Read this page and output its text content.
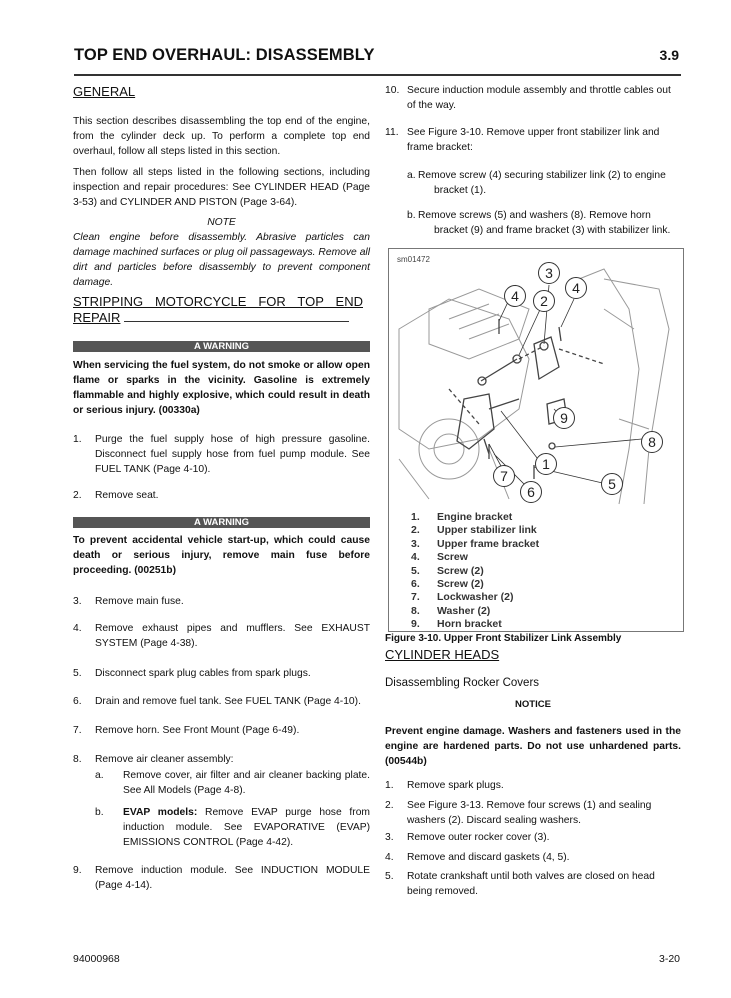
TOP END OVERHAUL: DISASSEMBLY	3.9
GENERAL
This section describes disassembling the top end of the engine, from the cylinder deck up. To perform a complete top end overhaul, follow all steps listed in this section.
Then follow all steps listed in the following sections, including inspection and repair procedures: See CYLINDER HEAD (Page 3-53) and CYLINDER AND PISTON (Page 3-64).
NOTE
Clean engine before disassembly. Abrasive particles can damage machined surfaces or plug oil passageways. Remove all dirt and particles before disassembly to prevent component damage.
STRIPPING MOTORCYCLE FOR TOP END REPAIR
A WARNING
When servicing the fuel system, do not smoke or allow open flame or sparks in the vicinity. Gasoline is extremely flammable and highly explosive, which could result in death or serious injury. (00330a)
1. Purge the fuel supply hose of high pressure gasoline. Disconnect fuel supply hose from fuel pump module. See FUEL TANK (Page 4-10).
2. Remove seat.
A WARNING
To prevent accidental vehicle start-up, which could cause death or serious injury, remove main fuse before proceeding. (00251b)
3. Remove main fuse.
4. Remove exhaust pipes and mufflers. See EXHAUST SYSTEM (Page 4-38).
5. Disconnect spark plug cables from spark plugs.
6. Drain and remove fuel tank. See FUEL TANK (Page 4-10).
7. Remove horn. See Front Mount (Page 6-49).
8. Remove air cleaner assembly:
a. Remove cover, air filter and air cleaner backing plate. See All Models (Page 4-8).
b. EVAP models: Remove EVAP purge hose from induction module. See EVAPORATIVE (EVAP) EMISSIONS CONTROL (Page 4-42).
9. Remove induction module. See INDUCTION MODULE (Page 4-14).
10. Secure induction module assembly and throttle cables out of the way.
11. See Figure 3-10. Remove upper front stabilizer link and frame bracket:
a. Remove screw (4) securing stabilizer link (2) to engine bracket (1).
b. Remove screws (5) and washers (8). Remove horn bracket (9) and frame bracket (3) with stabilizer link.
sm01472
3
4	2
4
9
8
1
7
6	5
1. Engine bracket
2. Upper stabilizer link
3. Upper frame bracket
4. Screw
5. Screw (2)
6. Screw (2)
7. Lockwasher (2)
8. Washer (2)
9. Horn bracket
Figure 3-10. Upper Front Stabilizer Link Assembly
CYLINDER HEADS
Disassembling Rocker Covers
NOTICE
Prevent engine damage. Washers and fasteners used in the engine are hardened parts. Do not use unhardened parts. (00544b)
1. Remove spark plugs.
2. See Figure 3-13. Remove four screws (1) and sealing washers (2). Discard sealing washers.
3. Remove outer rocker cover (3).
4. Remove and discard gaskets (4, 5).
5. Rotate crankshaft until both valves are closed on head being removed.
94000968	3-20
